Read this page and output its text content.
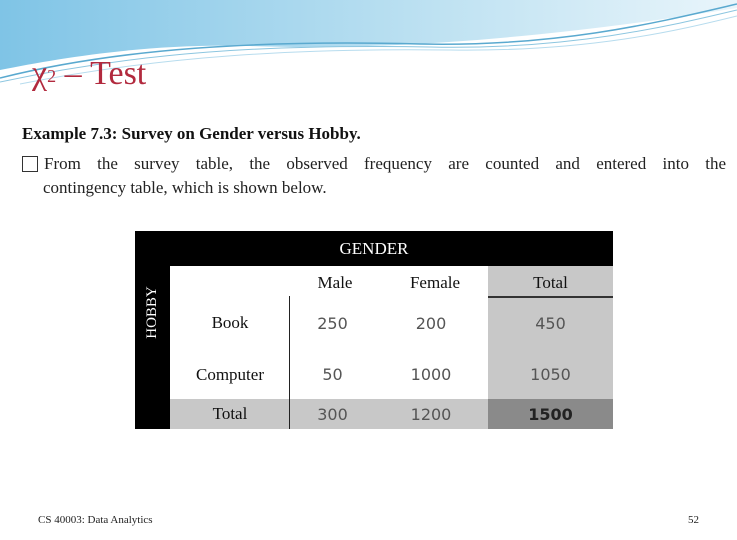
$\chi^2$ – Test
Example 7.3: Survey on Gender versus Hobby.
From the survey table, the observed frequency are counted and entered into the
contingency table, which is shown below.
GENDER
HOBBY
Male	Female	Total
Book	250	200	450
Computer	50	1000	1050
Total	300	1200	1500
CS 40003: Data Analytics	52
